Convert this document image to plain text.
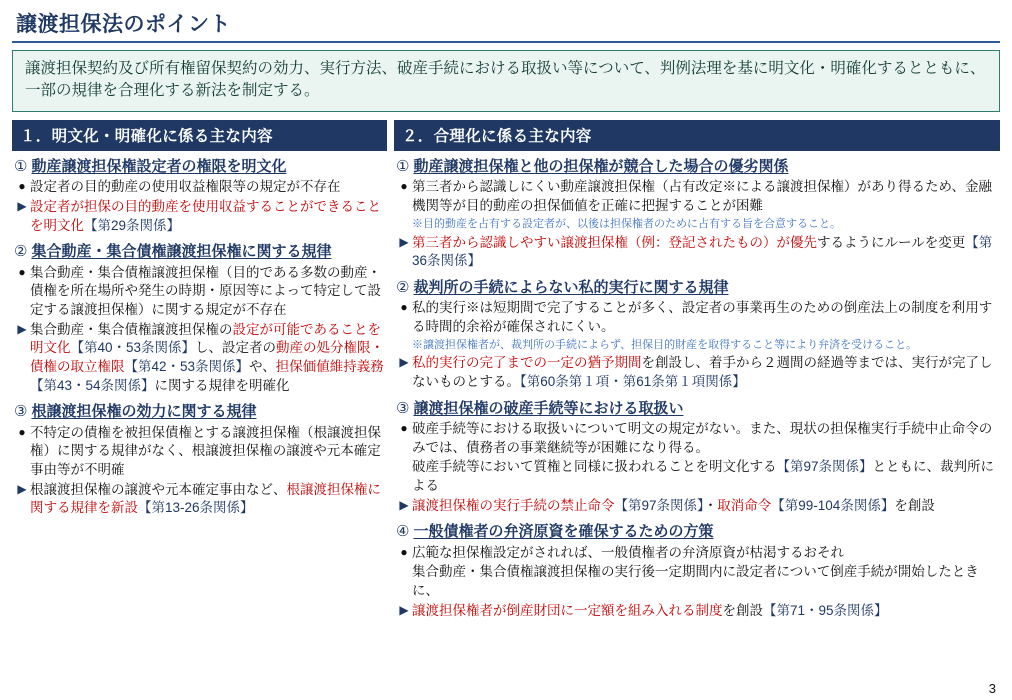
譲渡担保法のポイント
譲渡担保契約及び所有権留保契約の効力、実行方法、破産手続における取扱い等について、判例法理を基に明文化・明確化するとともに、一部の規律を合理化する新法を制定する。
１．明文化・明確化に係る主な内容
① 動産譲渡担保権設定者の権限を明文化
● 設定者の目的動産の使用収益権限等の規定が不存在
▶ 設定者が担保の目的動産を使用収益することができることを明文化【第29条関係】
② 集合動産・集合債権譲渡担保権に関する規律
● 集合動産・集合債権譲渡担保権（目的である多数の動産・債権を所在場所や発生の時期・原因等によって特定して設定する譲渡担保権）に関する規定が不存在
▶ 集合動産・集合債権譲渡担保権の設定が可能であることを明文化【第40・53条関係】し、設定者の動産の処分権限・債権の取立権限【第42・53条関係】や、担保価値維持義務【第43・54条関係】に関する規律を明確化
③ 根譲渡担保権の効力に関する規律
● 不特定の債権を被担保債権とする譲渡担保権（根譲渡担保権）に関する規律がなく、根譲渡担保権の譲渡や元本確定事由等が不明確
▶ 根譲渡担保権の譲渡や元本確定事由など、根譲渡担保権に関する規律を新設【第13-26条関係】
２．合理化に係る主な内容
① 動産譲渡担保権と他の担保権が競合した場合の優劣関係
● 第三者から認識しにくい動産譲渡担保権（占有改定※による譲渡担保権）があり得るため、金融機関等が目的動産の担保価値を正確に把握することが困難
※目的動産を占有する設定者が、以後は担保権者のために占有する旨を合意すること。
▶ 第三者から認識しやすい譲渡担保権（例：登記されたもの）が優先するようにルールを変更【第36条関係】
② 裁判所の手続によらない私的実行に関する規律
● 私的実行※は短期間で完了することが多く、設定者の事業再生のための倒産法上の制度を利用する時間的余裕が確保されにくい。
※譲渡担保権者が、裁判所の手続によらず、担保目的財産を取得すること等により弁済を受けること。
▶ 私的実行の完了までの一定の猶予期間を創設し、着手から２週間の経過等までは、実行が完了しないものとする。【第60条第１項・第61条第１項関係】
③ 譲渡担保権の破産手続等における取扱い
● 破産手続等における取扱いについて明文の規定がない。また、現状の担保権実行手続中止命令のみでは、債務者の事業継続等が困難になり得る。
破産手続等において質権と同様に扱われることを明文化する【第97条関係】とともに、裁判所による
▶ 譲渡担保権の実行手続の禁止命令【第97条関係】・取消命令【第99-104条関係】を創設
④ 一般債権者の弁済原資を確保するための方策
● 広範な担保権設定がされれば、一般債権者の弁済原資が枯渇するおそれ
集合動産・集合債権譲渡担保権の実行後一定期間内に設定者について倒産手続が開始したときに、
▶ 譲渡担保権者が倒産財団に一定額を組み入れる制度を創設【第71・95条関係】
3
